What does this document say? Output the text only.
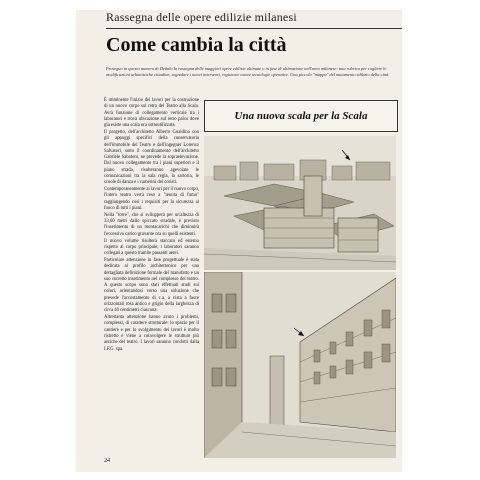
Rassegna delle opere edilizie milanesi
Come cambia la città
Proseguo in questo numero di Dedalo la rassegna delle maggiori opere edilizie ultimate o in fase di ultimazione nell'area milanese: una rubrica per cogliere le modificazioni urbanistiche cittadine, segnalare i nuovi interventi, registrare nuove tecnologie operative. Una piccola "mappa" del mutamento edilizio della città.

È imminente l'inizio dei lavori per la costruzione di un nuovo corpo sul retro del Teatro alla Scala. Avrà funzione di collegamento verticale tra i laboratori e trova ubicazione sul retro palco dove già esiste una scala ora sottoutilizzata.

Il progetto, dell'architetto Alberto Gualdino con gli appoggi specifici della conservatoria dell'immobile del Teatro e dell'ingegner Lorenzo Salvatori, sotto il coordinamento dell'architetto Gabriele Sabatoni, ne prevede la sopraelevazione. Dal nuovo collegamento tra i piani superiori e il piano strada, risulteranno agevolate le comunicazioni tra la sala regia, la sartoria, le scuole di danza e i camerini dei coristi.

Contemporaneamente ai lavori per il nuovo corpo, l'intero teatro verrà reso a "tenuta di fumo" raggiungendo così i requisiti per la sicurezza al fuoco di tutti i piani.

Nella "torre", che si svilupperà per un'altezza di 33,60 metri dallo spiccato stradale, è previsto l'inserimento di un montacarichi che diminuirà l'eccessivo carico gravante ora su quelli esistenti.

Il nuovo volume risulterà staccato ed esterno rispetto al corpo principale; i laboratori saranno collegati a questo tramite passanti aerei.

Particolare attenzione in fase progettuale è stata dedicata al profilo architettonico per una dettagliata definizione formale del manufatto e un suo corretto inserimento nel complesso del teatro. A questo scopo sono stati effettuati studi sui colori, orientandosi verso una soluzione che prevede l'accostamento di c.a. a vista a fasce orizzontali rosa antico e grigio della larghezza di circa 40 centimetri ciascuna.

Altrettanta attenzione hanno avuto i problemi, complessi, di carattere strutturale: lo spazio per il cantiere e per lo svolgimento dei lavori è molto ristretto e viene a coinvolgere le strutture più antiche del teatro. I lavori saranno condotti dalla I.F.G. spa.

Una nuova scala per la Scala
24
